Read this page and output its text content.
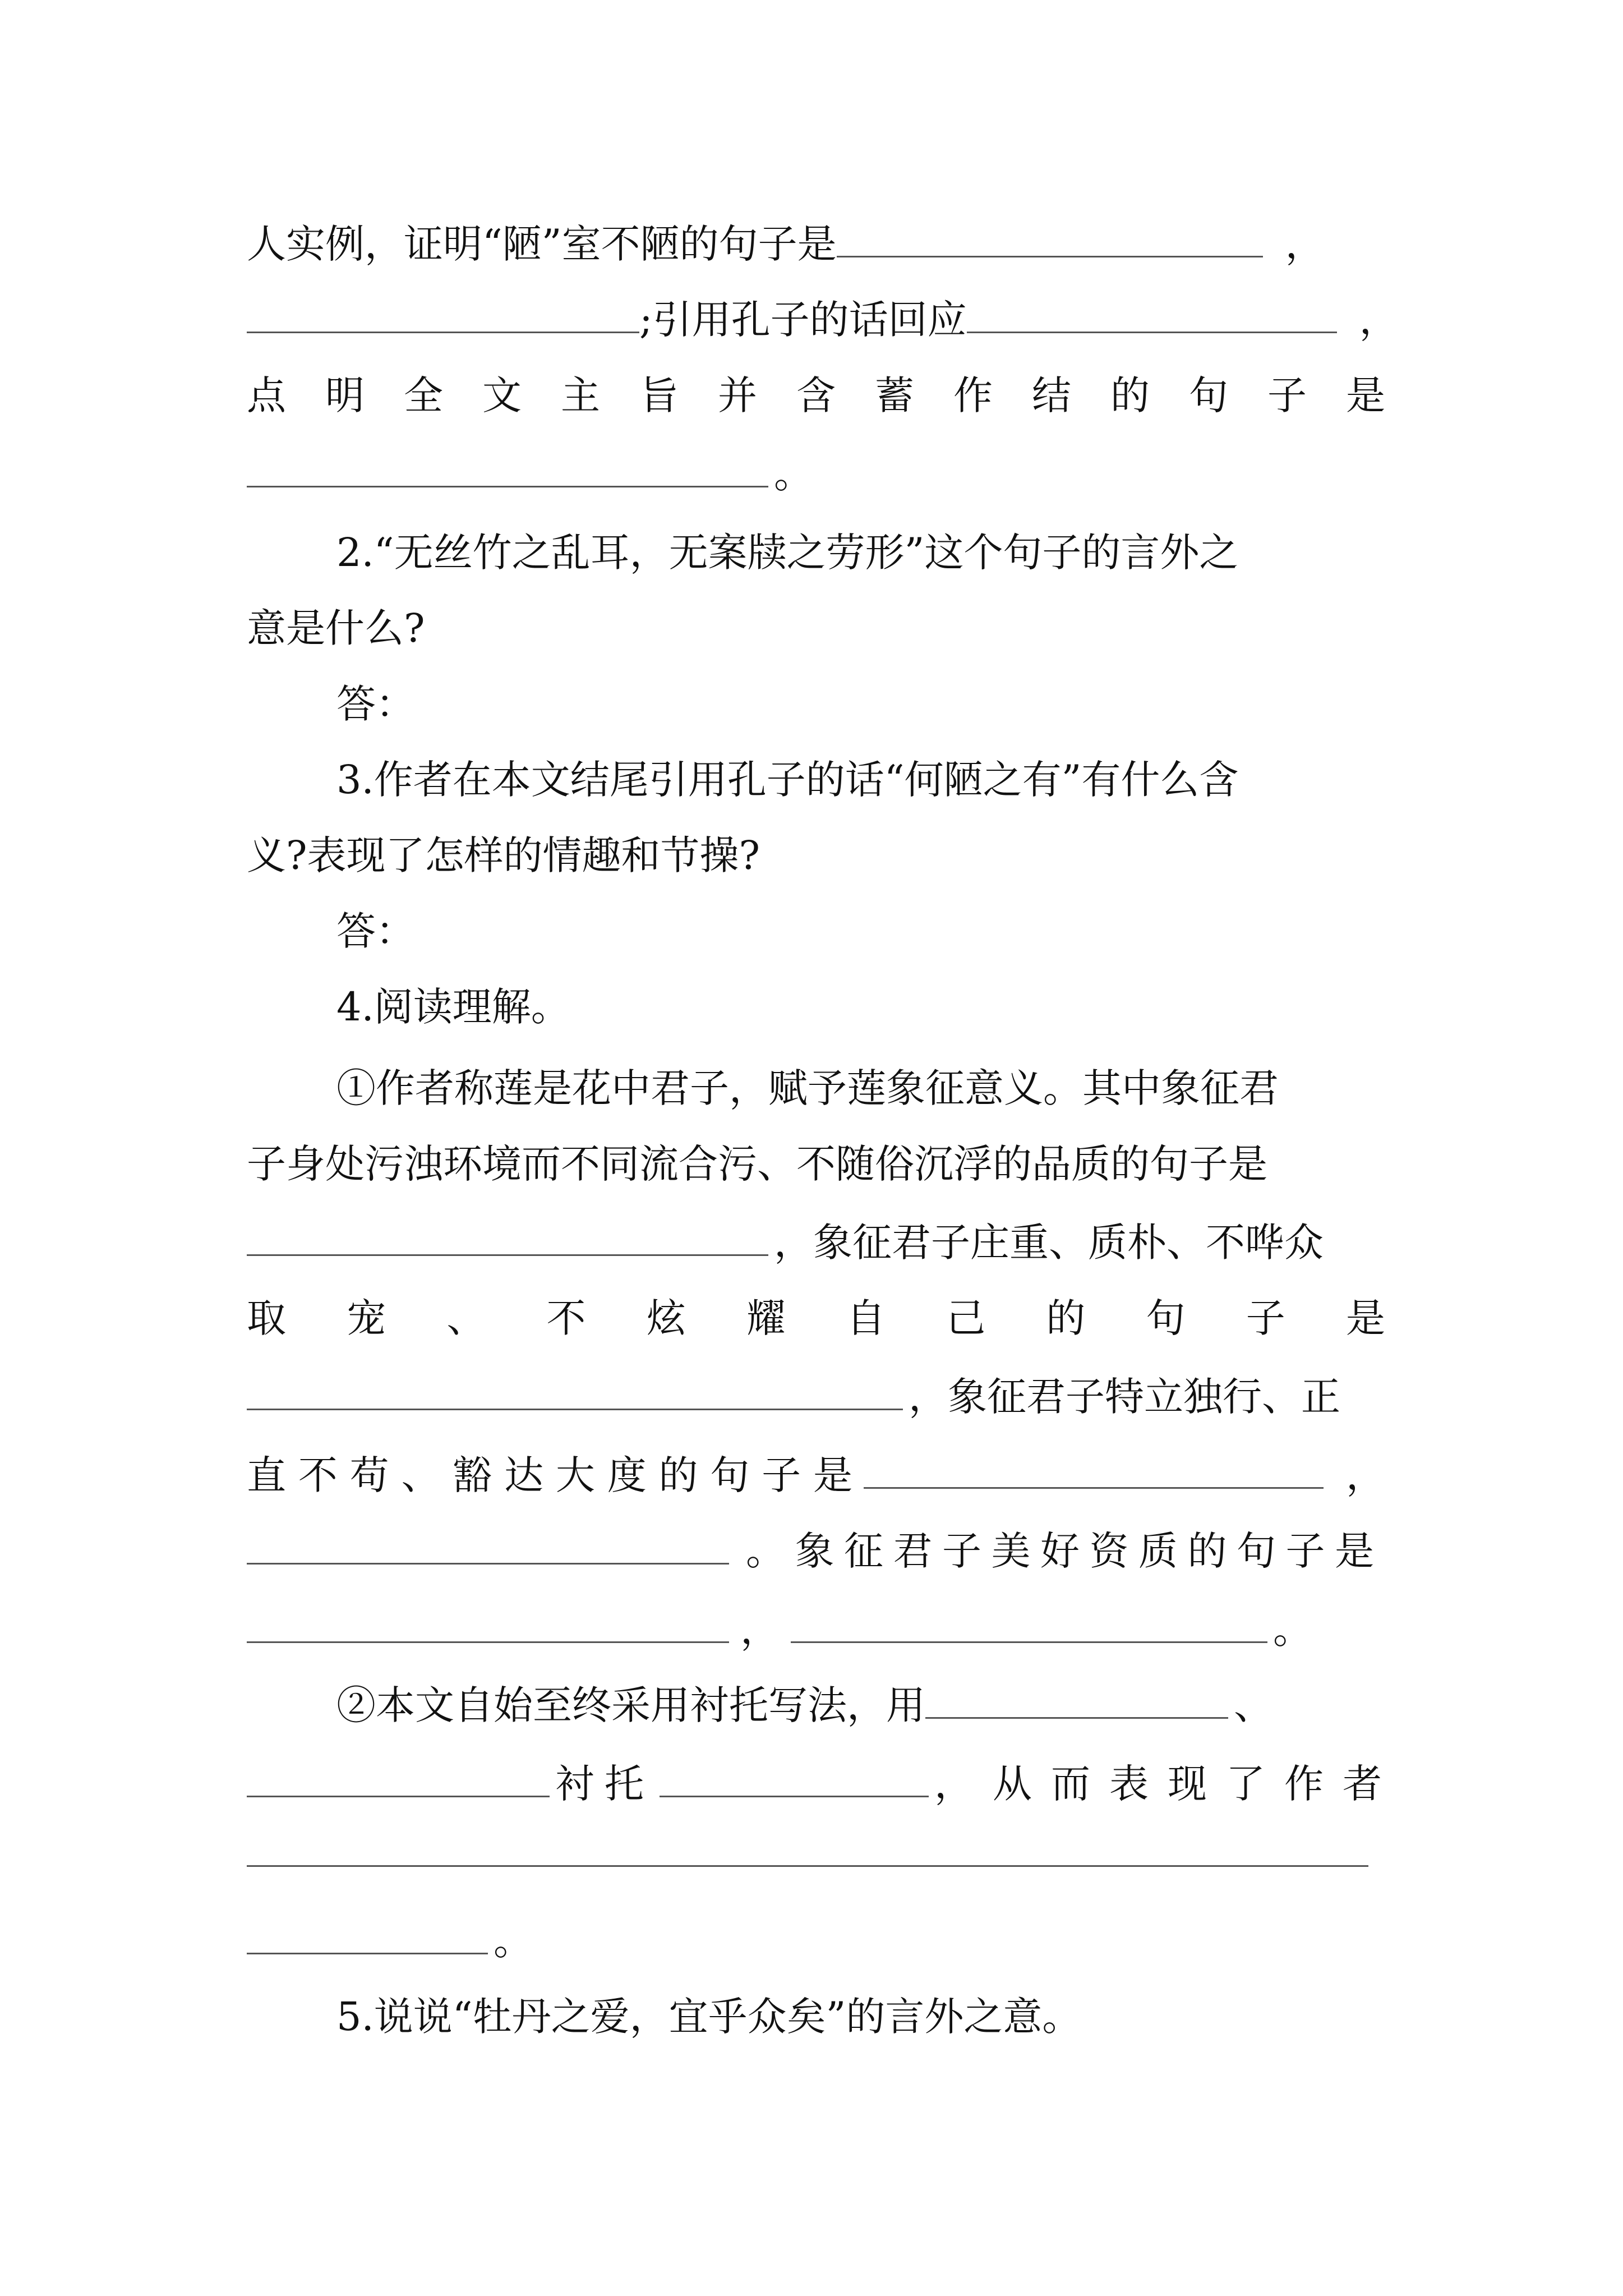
人实例，证明“陋”室不陋的句子是	，
;引用孔子的话回应	，
点 明 全 文 主 旨 并 含 蓄 作 结 的 句 子 是
。
2.“无丝竹之乱耳，无案牍之劳形”这个句子的言外之
意是什么?
答：
3.作者在本文结尾引用孔子的话“何陋之有”有什么含
义?表现了怎样的情趣和节操?
答：
4.阅读理解。
①作者称莲是花中君子，赋予莲象征意义。其中象征君
子身处污浊环境而不同流合污、不随俗沉浮的品质的句子是
，象征君子庄重、质朴、不哗众
取 宠 、 不 炫 耀 自 己 的 句 子 是
，象征君子特立独行、正
直 不 苟 、 豁 达 大 度 的 句 子 是	，
。 象 征 君 子 美 好 资 质 的 句 子 是
，	。
②本文自始至终采用衬托写法，用	、
衬托	，从而表现了作者
。
5.说说“牡丹之爱，宜乎众矣”的言外之意。
